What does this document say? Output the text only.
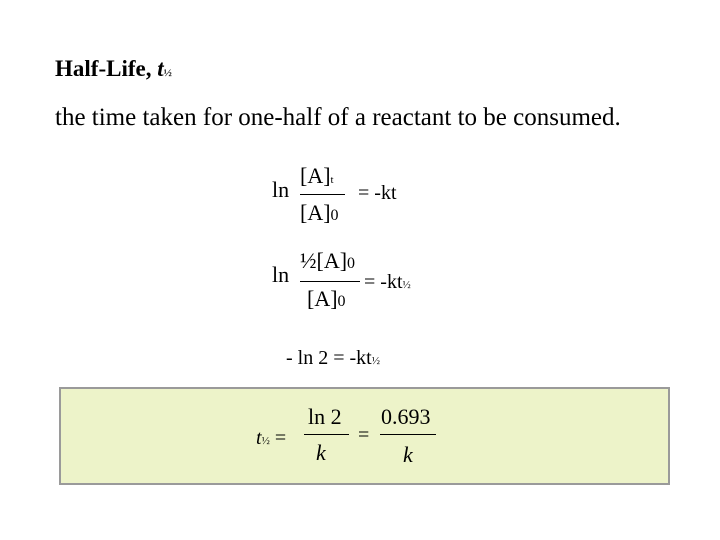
Half-Life, t½
the time taken for one-half of a reactant to be consumed.
ln
[A]t
[A]0
= -kt
ln
½[A]0
[A]0
= -kt½
- ln 2 = -kt½
t½ =
ln 2
k
=
0.693
k
